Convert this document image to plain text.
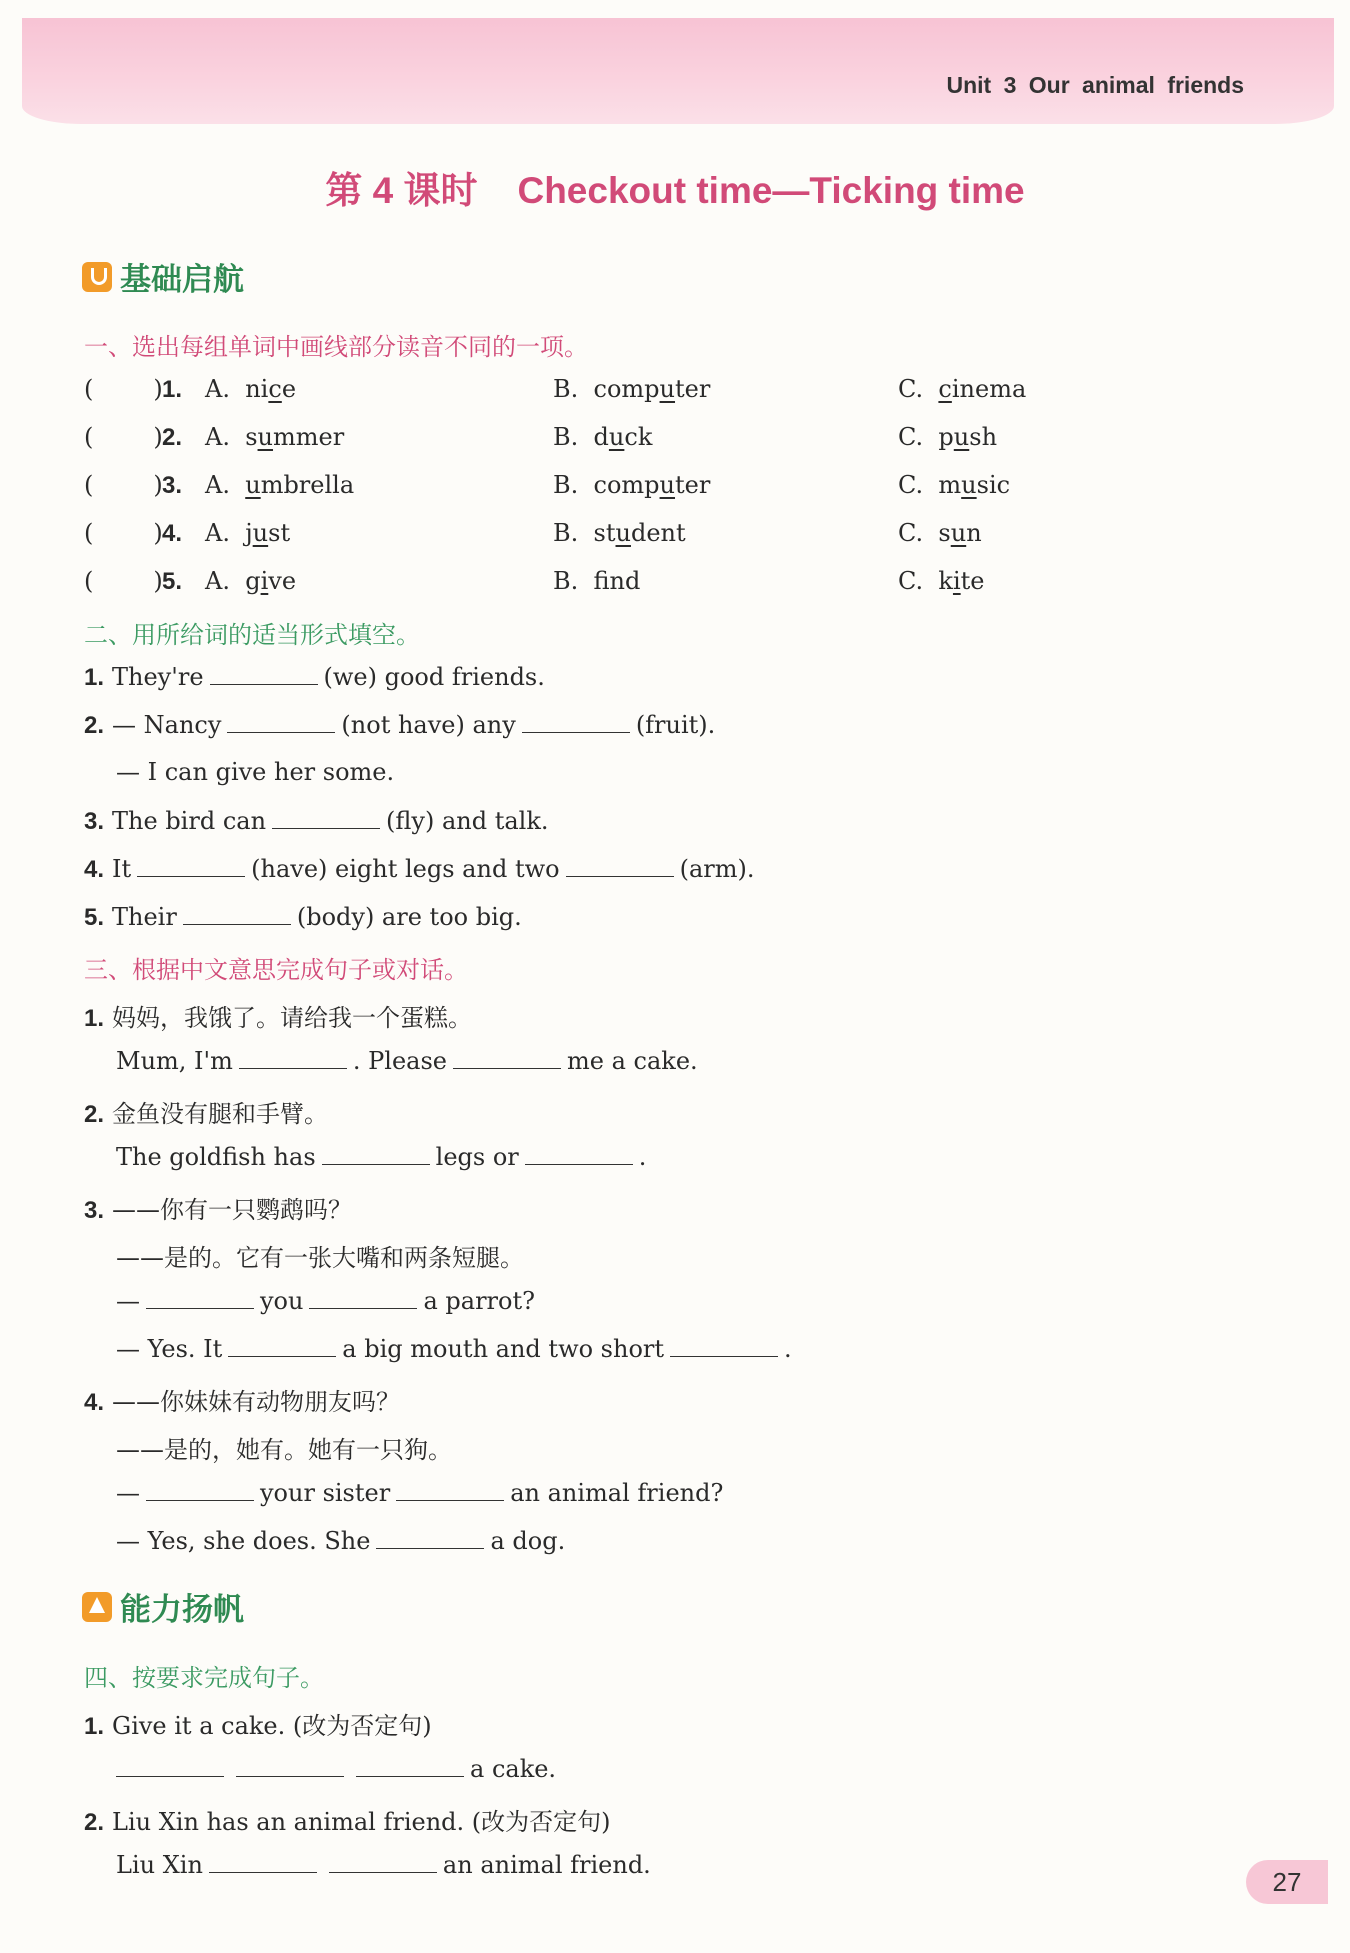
Unit 3 Our animal friends
第 4 课时 Checkout time—Ticking time
基础启航
一、选出每组单词中画线部分读音不同的一项。
(	)1. A.  nice	B.  computer	C.  cinema
(	)2. A.  summer	B.  duck	C.  push
(	)3. A.  umbrella	B.  computer	C.  music
(	)4. A.  just	B.  student	C.  sun
(	)5. A.  give	B.  fnd	C.  kite
二、用所给词的适当形式填空。
1. They're	(we) good friends.
2. — Nancy	(not have) any	(fruit).
— I can give her some.
3. The bird can	(fly) and talk.
4. It	(have) eight legs and two	(arm).
5. Their	(body) are too big.
三、根据中文意思完成句子或对话。
1. 妈妈，我饿了。请给我一个蛋糕。
Mum, I'm	. Please	me a cake.
2. 金鱼没有腿和手臂。
The goldfish has	legs or	.
3. ——你有一只鹦鹉吗？
——是的。它有一张大嘴和两条短腿。
—	you	a parrot?
— Yes. It	a big mouth and two short	.
4. ——你妹妹有动物朋友吗？
——是的，她有。她有一只狗。
—	your sister	an animal friend?
— Yes, she does. She	a dog.
能力扬帆
四、按要求完成句子。
1. Give it a cake. (改为否定句)
a cake.
2. Liu Xin has an animal friend. (改为否定句)
Liu Xin	an animal friend.
27
